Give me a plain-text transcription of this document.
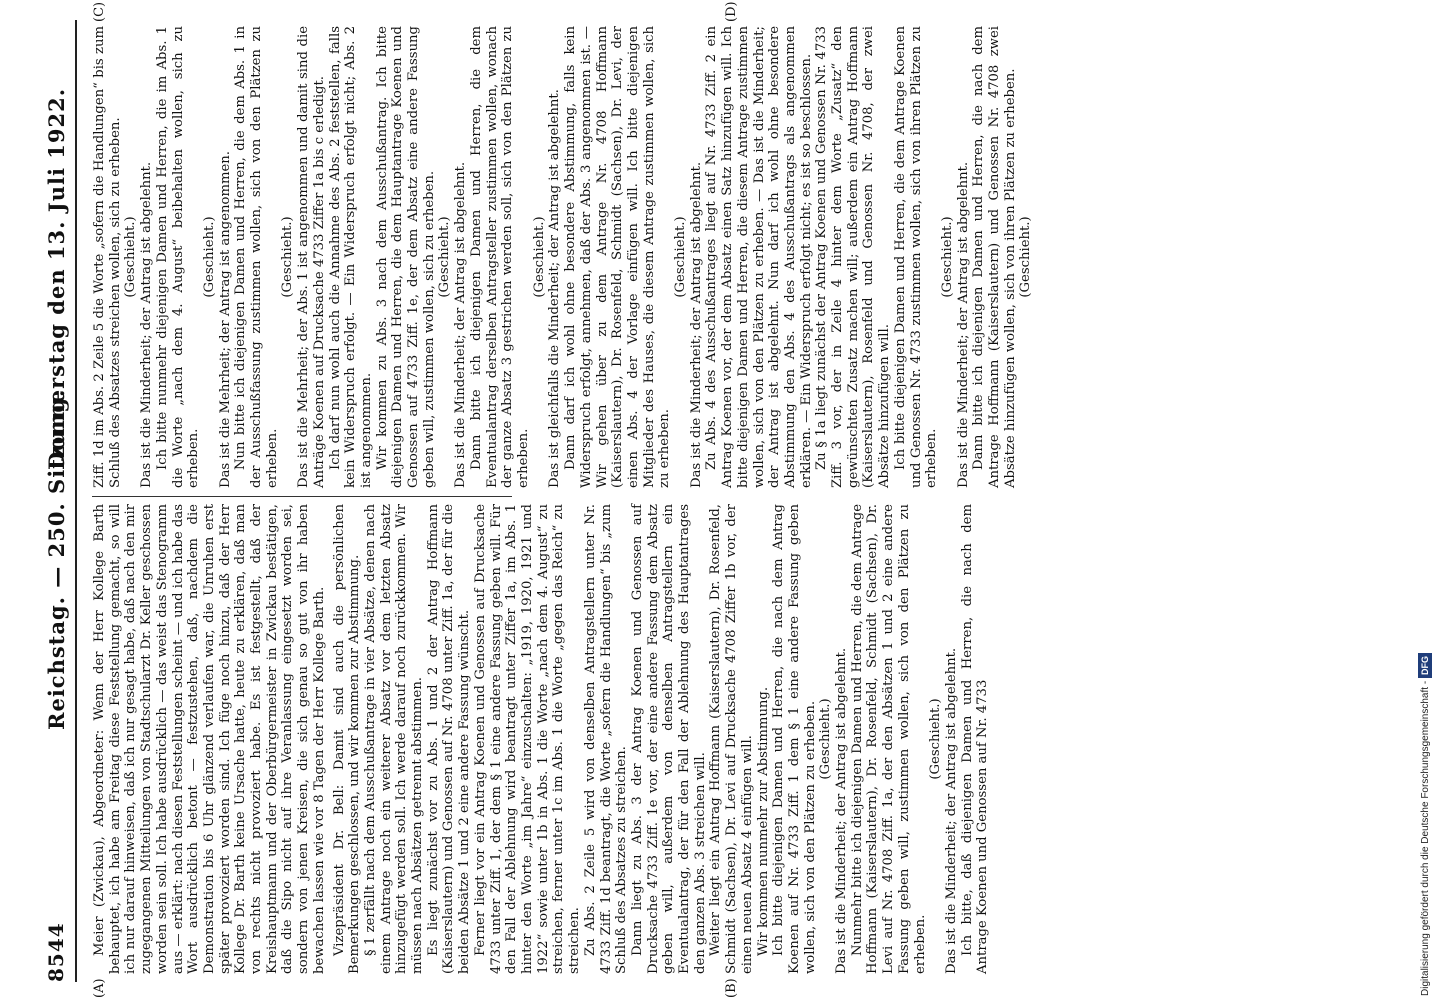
8544
Reichstag. — 250. Sitzung.
Donnerstag den 13. Juli 1922.
(A)	(B)
(C)	(D)

Meier (Zwickau), Abgeordneter: Wenn der Herr Kollege Barth behauptet, ich habe am Freitag diese Feststellung gemacht, so will ich nur darauf hinweisen, daß ich nur gesagt habe, daß nach den mir zugegangenen Mitteilungen von Stadtschularzt Dr. Keller geschossen worden sein soll. Ich habe ausdrücklich — das weist das Stenogramm aus — erklärt: nach diesen Feststellungen scheint — und ich habe das Wort ausdrücklich betont — festzustehen, daß, nachdem die Demonstration bis 6 Uhr glänzend verlaufen war, die Unruhen erst später provoziert worden sind. Ich füge noch hinzu, daß der Herr Kollege Dr. Barth keine Ursache hatte, heute zu erklären, daß man von rechts nicht provoziert habe. Es ist festgestellt, daß der Kreishauptmann und der Oberbürgermeister in Zwickau bestätigen, daß die Sipo nicht auf ihre Veranlassung eingesetzt worden sei, sondern von jenen Kreisen, die sich genau so gut von ihr haben bewachen lassen wie vor 8 Tagen der Herr Kollege Barth. Vizepräsident Dr. Bell: Damit sind auch die persönlichen Bemerkungen geschlossen, und wir kommen zur Abstimmung. § 1 zerfällt nach dem Ausschußantrage in vier Absätze, denen nach einem Antrage noch ein weiterer Absatz vor dem letzten Absatz hinzugefügt werden soll. Ich werde darauf noch zurückkommen. Wir müssen nach Absätzen getrennt abstimmen. Es liegt zunächst vor zu Abs. 1 und 2 der Antrag Hoffmann (Kaiserslautern) und Genossen auf Nr. 4708 unter Ziff. 1a, der für die beiden Absätze 1 und 2 eine andere Fassung wünscht. Ferner liegt vor ein Antrag Koenen und Genossen auf Drucksache 4733 unter Ziff. 1, der dem § 1 eine andere Fassung geben will. Für den Fall der Ablehnung wird beantragt unter Ziffer 1a, im Abs. 1 hinter den Worte „im Jahre“ einzuschalten: „1919, 1920, 1921 und 1922“ sowie unter 1b in Abs. 1 die Worte „nach dem 4. August“ zu streichen, ferner unter 1c im Abs. 1 die Worte „gegen das Reich“ zu streichen. Zu Abs. 2 Zeile 5 wird von denselben Antragstellern unter Nr. 4733 Ziff. 1d beantragt, die Worte „sofern die Handlungen“ bis „zum Schluß des Absatzes zu streichen. Dann liegt zu Abs. 3 der Antrag Koenen und Genossen auf Drucksache 4733 Ziff. 1e vor, der eine andere Fassung dem Absatz geben will, außerdem von denselben Antragstellern ein Eventualantrag, der für den Fall der Ablehnung des Hauptantrages den ganzen Abs. 3 streichen will. Weiter liegt ein Antrag Hoffmann (Kaiserslautern), Dr. Rosenfeld, Schmidt (Sachsen), Dr. Levi auf Drucksache 4708 Ziffer 1b vor, der einen neuen Absatz 4 einfügen will. Wir kommen nunmehr zur Abstimmung. Ich bitte diejenigen Damen und Herren, die nach dem Antrag Koenen auf Nr. 4733 Ziff. 1 dem § 1 eine andere Fassung geben wollen, sich von den Plätzen zu erheben. (Geschieht.) Das ist die Minderheit; der Antrag ist abgelehnt. Nunmehr bitte ich diejenigen Damen und Herren, die dem Antrage Hoffmann (Kaiserslautern), Dr. Rosenfeld, Schmidt (Sachsen), Dr. Levi auf Nr. 4708 Ziff. 1a, der den Absätzen 1 und 2 eine andere Fassung geben will, zustimmen wollen, sich von den Plätzen zu erheben.

(Geschieht.) Das ist die Minderheit; der Antrag ist abgelehnt. Ich bitte, daß diejenigen Damen und Herren, die nach dem Antrage Koenen und Genossen auf Nr. 4733

Ziff. 1d im Abs. 2 Zeile 5 die Worte „sofern die Handlungen“ bis zum Schluß des Absatzes streichen wollen, sich zu erheben. (Geschieht.) Das ist die Minderheit; der Antrag ist abgelehnt. Ich bitte nunmehr diejenigen Damen und Herren, die im Abs. 1 die Worte „nach dem 4. August“ beibehalten wollen, sich zu erheben.

(Geschieht.) Das ist die Mehrheit; der Antrag ist angenommen. Nun bitte ich diejenigen Damen und Herren, die dem Abs. 1 in der Ausschußfassung zustimmen wollen, sich von den Plätzen zu erheben.

(Geschieht.) Das ist die Mehrheit; der Abs. 1 ist angenommen und damit sind die Anträge Koenen auf Drucksache 4733 Ziffer 1a bis c erledigt. Ich darf nun wohl auch die Annahme des Abs. 2 feststellen, falls kein Widerspruch erfolgt. — Ein Widerspruch erfolgt nicht; Abs. 2 ist angenommen. Wir kommen zu Abs. 3 nach dem Ausschußantrag. Ich bitte diejenigen Damen und Herren, die dem Hauptantrage Koenen und Genossen auf 4733 Ziff. 1e, der dem Absatz eine andere Fassung geben will, zustimmen wollen, sich zu erheben. (Geschieht.) Das ist die Minderheit; der Antrag ist abgelehnt. Dann bitte ich diejenigen Damen und Herren, die dem Eventualantrag derselben Antragsteller zustimmen wollen, wonach der ganze Absatz 3 gestrichen werden soll, sich von den Plätzen zu erheben.

(Geschieht.) Das ist gleichfalls die Minderheit; der Antrag ist abgelehnt. Dann darf ich wohl ohne besondere Abstimmung, falls kein Widerspruch erfolgt, annehmen, daß der Abs. 3 angenommen ist. — Wir gehen über zu dem Antrage Nr. 4708 Hoffmann (Kaiserslautern), Dr. Rosenfeld, Schmidt (Sachsen), Dr. Levi, der einen Abs. 4 der Vorlage einfügen will. Ich bitte diejenigen Mitglieder des Hauses, die diesem Antrage zustimmen wollen, sich zu erheben.

(Geschieht.) Das ist die Minderheit; der Antrag ist abgelehnt. Zu Abs. 4 des Ausschußantrages liegt auf Nr. 4733 Ziff. 2 ein Antrag Koenen vor, der dem Absatz einen Satz hinzufügen will. Ich bitte diejenigen Damen und Herren, die diesem Antrage zustimmen wollen, sich von den Plätzen zu erheben. — Das ist die Minderheit; der Antrag ist abgelehnt. Nun darf ich wohl ohne besondere Abstimmung den Abs. 4 des Ausschußantrags als angenommen erklären. — Ein Widerspruch erfolgt nicht; es ist so beschlossen. Zu § 1a liegt zunächst der Antrag Koenen und Genossen Nr. 4733 Ziff. 3 vor, der in Zeile 4 hinter dem Worte „Zusatz“ den gewünschten Zusatz machen will; außerdem ein Antrag Hoffmann (Kaiserslautern), Rosenfeld und Genossen Nr. 4708, der zwei Absätze hinzufügen will. Ich bitte diejenigen Damen und Herren, die dem Antrage Koenen und Genossen Nr. 4733 zustimmen wollen, sich von ihren Plätzen zu erheben.

(Geschieht.) Das ist die Minderheit; der Antrag ist abgelehnt. Dann bitte ich diejenigen Damen und Herren, die nach dem Antrage Hoffmann (Kaiserslautern) und Genossen Nr. 4708 zwei Absätze hinzufügen wollen, sich von ihren Plätzen zu erheben. (Geschieht.)

Digitalisierung gefördert durch die Deutsche Forschungsgemeinschaft - DFG
